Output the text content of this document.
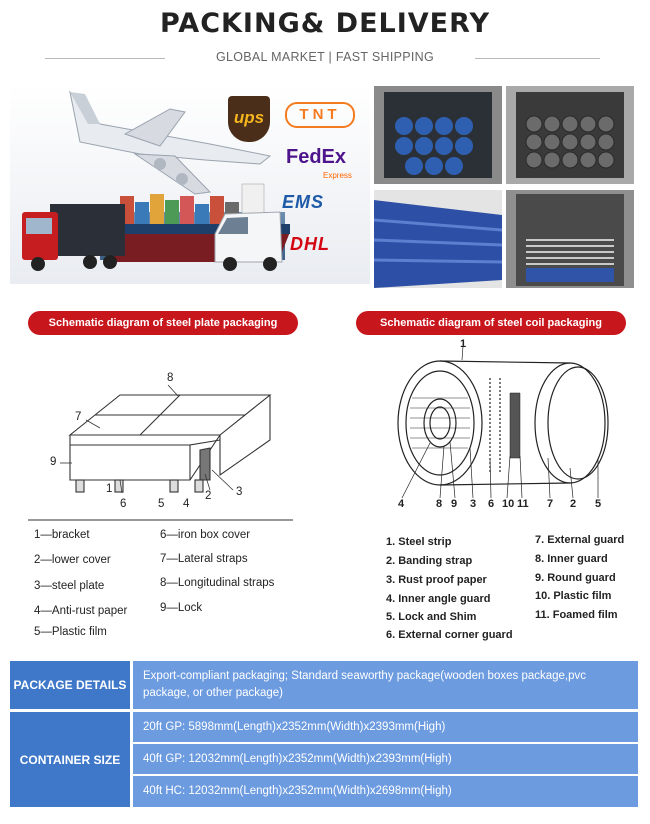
PACKING& DELIVERY
GLOBAL MARKET | FAST SHIPPING
ups	TNT
FedEx
Express
EMS
DHL
Schematic diagram of steel plate packaging	Schematic diagram of steel coil packaging
8
7
9
1
6	5 4
2 3
1—bracket
2—lower cover
3—steel plate
4—Anti-rust paper
5—Plastic film
6—iron box cover
7—Lateral straps
8—Longitudinal straps
9—Lock
1
4	8 9 3 6 10 11 7 2 5
1. Steel strip
2. Banding strap
3. Rust proof paper
4. Inner angle guard
5. Lock and Shim
6. External corner guard
7. External guard
8. Inner guard
9. Round guard
10. Plastic film
11. Foamed film
PACKAGE DETAILS
Export-compliant packaging; Standard seaworthy package(wooden boxes package,pvc package, or other package)
CONTAINER SIZE
20ft GP: 5898mm(Length)x2352mm(Width)x2393mm(High)
40ft GP: 12032mm(Length)x2352mm(Width)x2393mm(High)
40ft HC: 12032mm(Length)x2352mm(Width)x2698mm(High)
